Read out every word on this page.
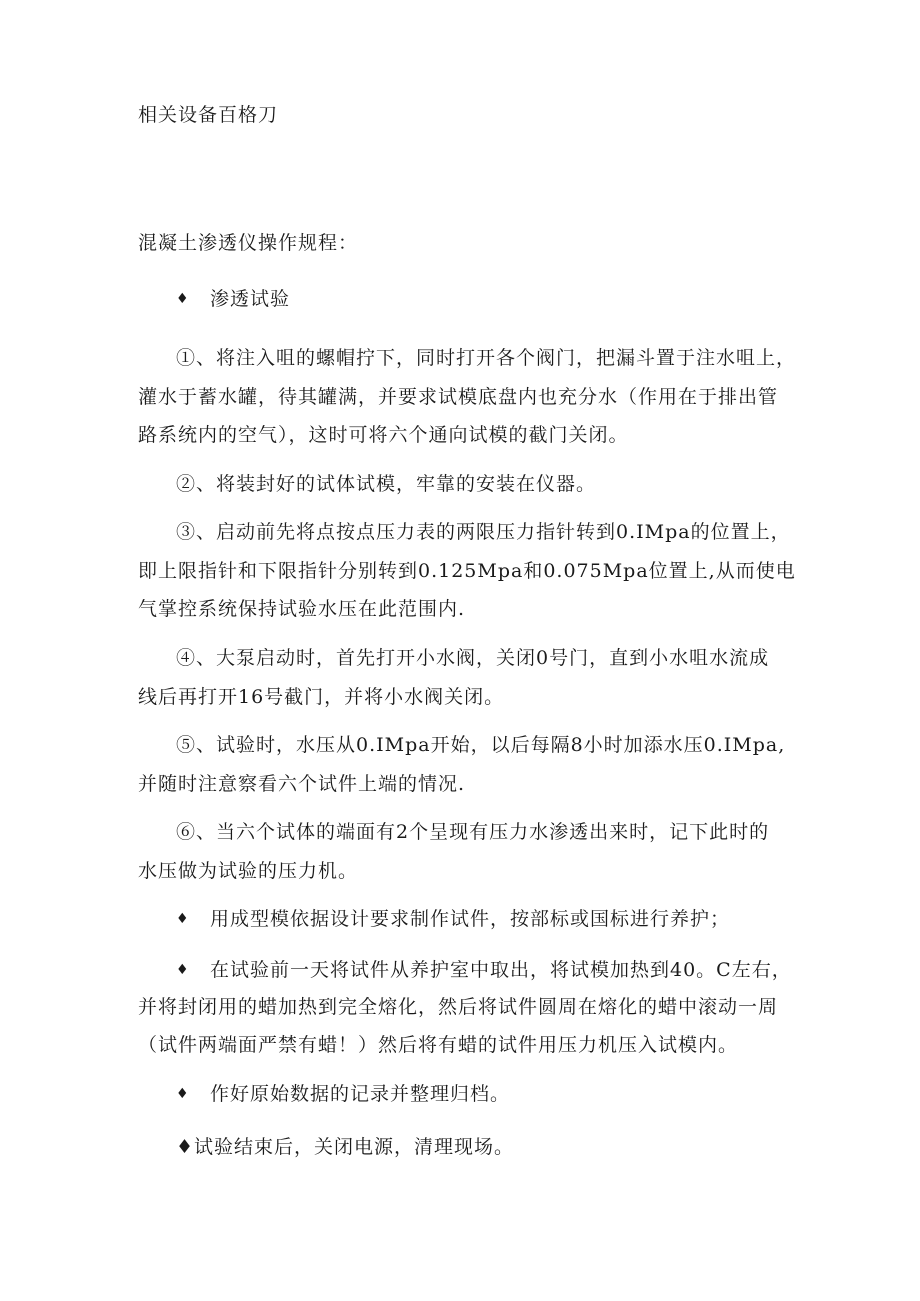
相关设备百格刀
混凝土渗透仪操作规程：
♦ 渗透试验
①、将注入咀的螺帽拧下，同时打开各个阀门，把漏斗置于注水咀上，
灌水于蓄水罐，待其罐满，并要求试模底盘内也充分水（作用在于排出管
路系统内的空气），这时可将六个通向试模的截门关闭。
②、将装封好的试体试模，牢靠的安装在仪器。
③、启动前先将点按点压力表的两限压力指针转到0.IMpa的位置上，
即上限指针和下限指针分别转到0.125Mpa和0.075Mpa位置上,从而使电
气掌控系统保持试验水压在此范围内.
④、大泵启动时，首先打开小水阀，关闭0号门，直到小水咀水流成
线后再打开16号截门，并将小水阀关闭。
⑤、试验时，水压从0.IMpa开始，以后每隔8小时加添水压0.IMpa,
并随时注意察看六个试件上端的情况.
⑥、当六个试体的端面有2个呈现有压力水渗透出来时，记下此时的
水压做为试验的压力机。
♦ 用成型模依据设计要求制作试件，按部标或国标进行养护；
♦ 在试验前一天将试件从养护室中取出，将试模加热到40。C左右，
并将封闭用的蜡加热到完全熔化，然后将试件圆周在熔化的蜡中滚动一周
（试件两端面严禁有蜡！）然后将有蜡的试件用压力机压入试模内。
♦ 作好原始数据的记录并整理归档。
♦试验结束后，关闭电源，清理现场。
